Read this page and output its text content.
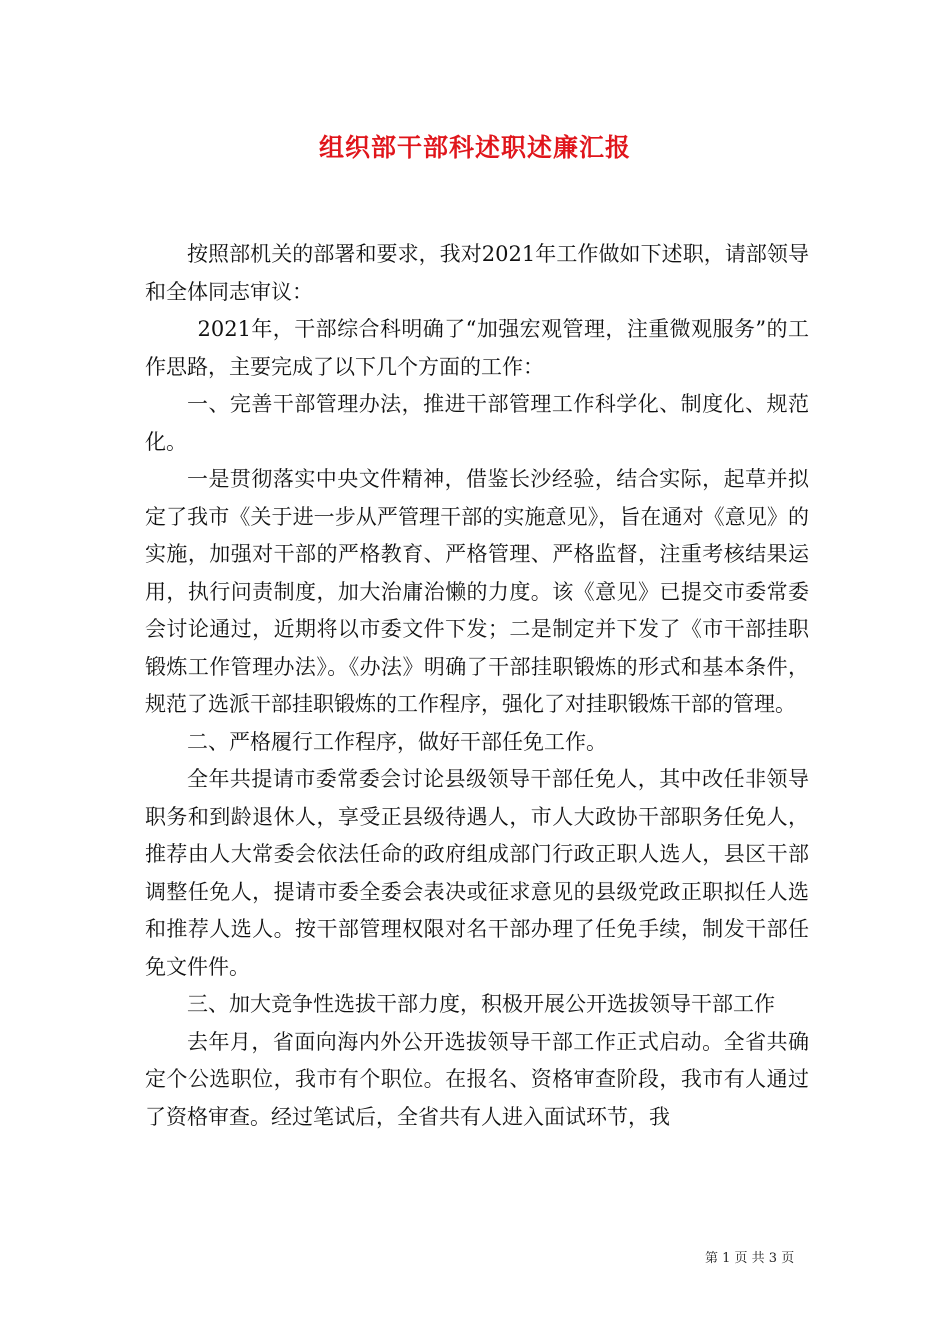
组织部干部科述职述廉汇报

按照部机关的部署和要求，我对2021年工作做如下述职，请部领导和全体同志审议：

2021年，干部综合科明确了“加强宏观管理，注重微观服务”的工作思路，主要完成了以下几个方面的工作：

一、完善干部管理办法，推进干部管理工作科学化、制度化、规范化。

一是贯彻落实中央文件精神，借鉴长沙经验，结合实际，起草并拟定了我市《关于进一步从严管理干部的实施意见》，旨在通对《意见》的实施，加强对干部的严格教育、严格管理、严格监督，注重考核结果运用，执行问责制度，加大治庸治懒的力度。该《意见》已提交市委常委会讨论通过，近期将以市委文件下发；二是制定并下发了《市干部挂职锻炼工作管理办法》。《办法》明确了干部挂职锻炼的形式和基本条件，规范了选派干部挂职锻炼的工作程序，强化了对挂职锻炼干部的管理。

二、严格履行工作程序，做好干部任免工作。

全年共提请市委常委会讨论县级领导干部任免人，其中改任非领导职务和到龄退休人，享受正县级待遇人，市人大政协干部职务任免人，推荐由人大常委会依法任命的政府组成部门行政正职人选人，县区干部调整任免人，提请市委全委会表决或征求意见的县级党政正职拟任人选和推荐人选人。按干部管理权限对名干部办理了任免手续，制发干部任免文件件。

三、加大竞争性选拔干部力度，积极开展公开选拔领导干部工作

去年月，省面向海内外公开选拔领导干部工作正式启动。全省共确定个公选职位，我市有个职位。在报名、资格审查阶段，我市有人通过了资格审查。经过笔试后，全省共有人进入面试环节，我

第 1 页 共 3 页
